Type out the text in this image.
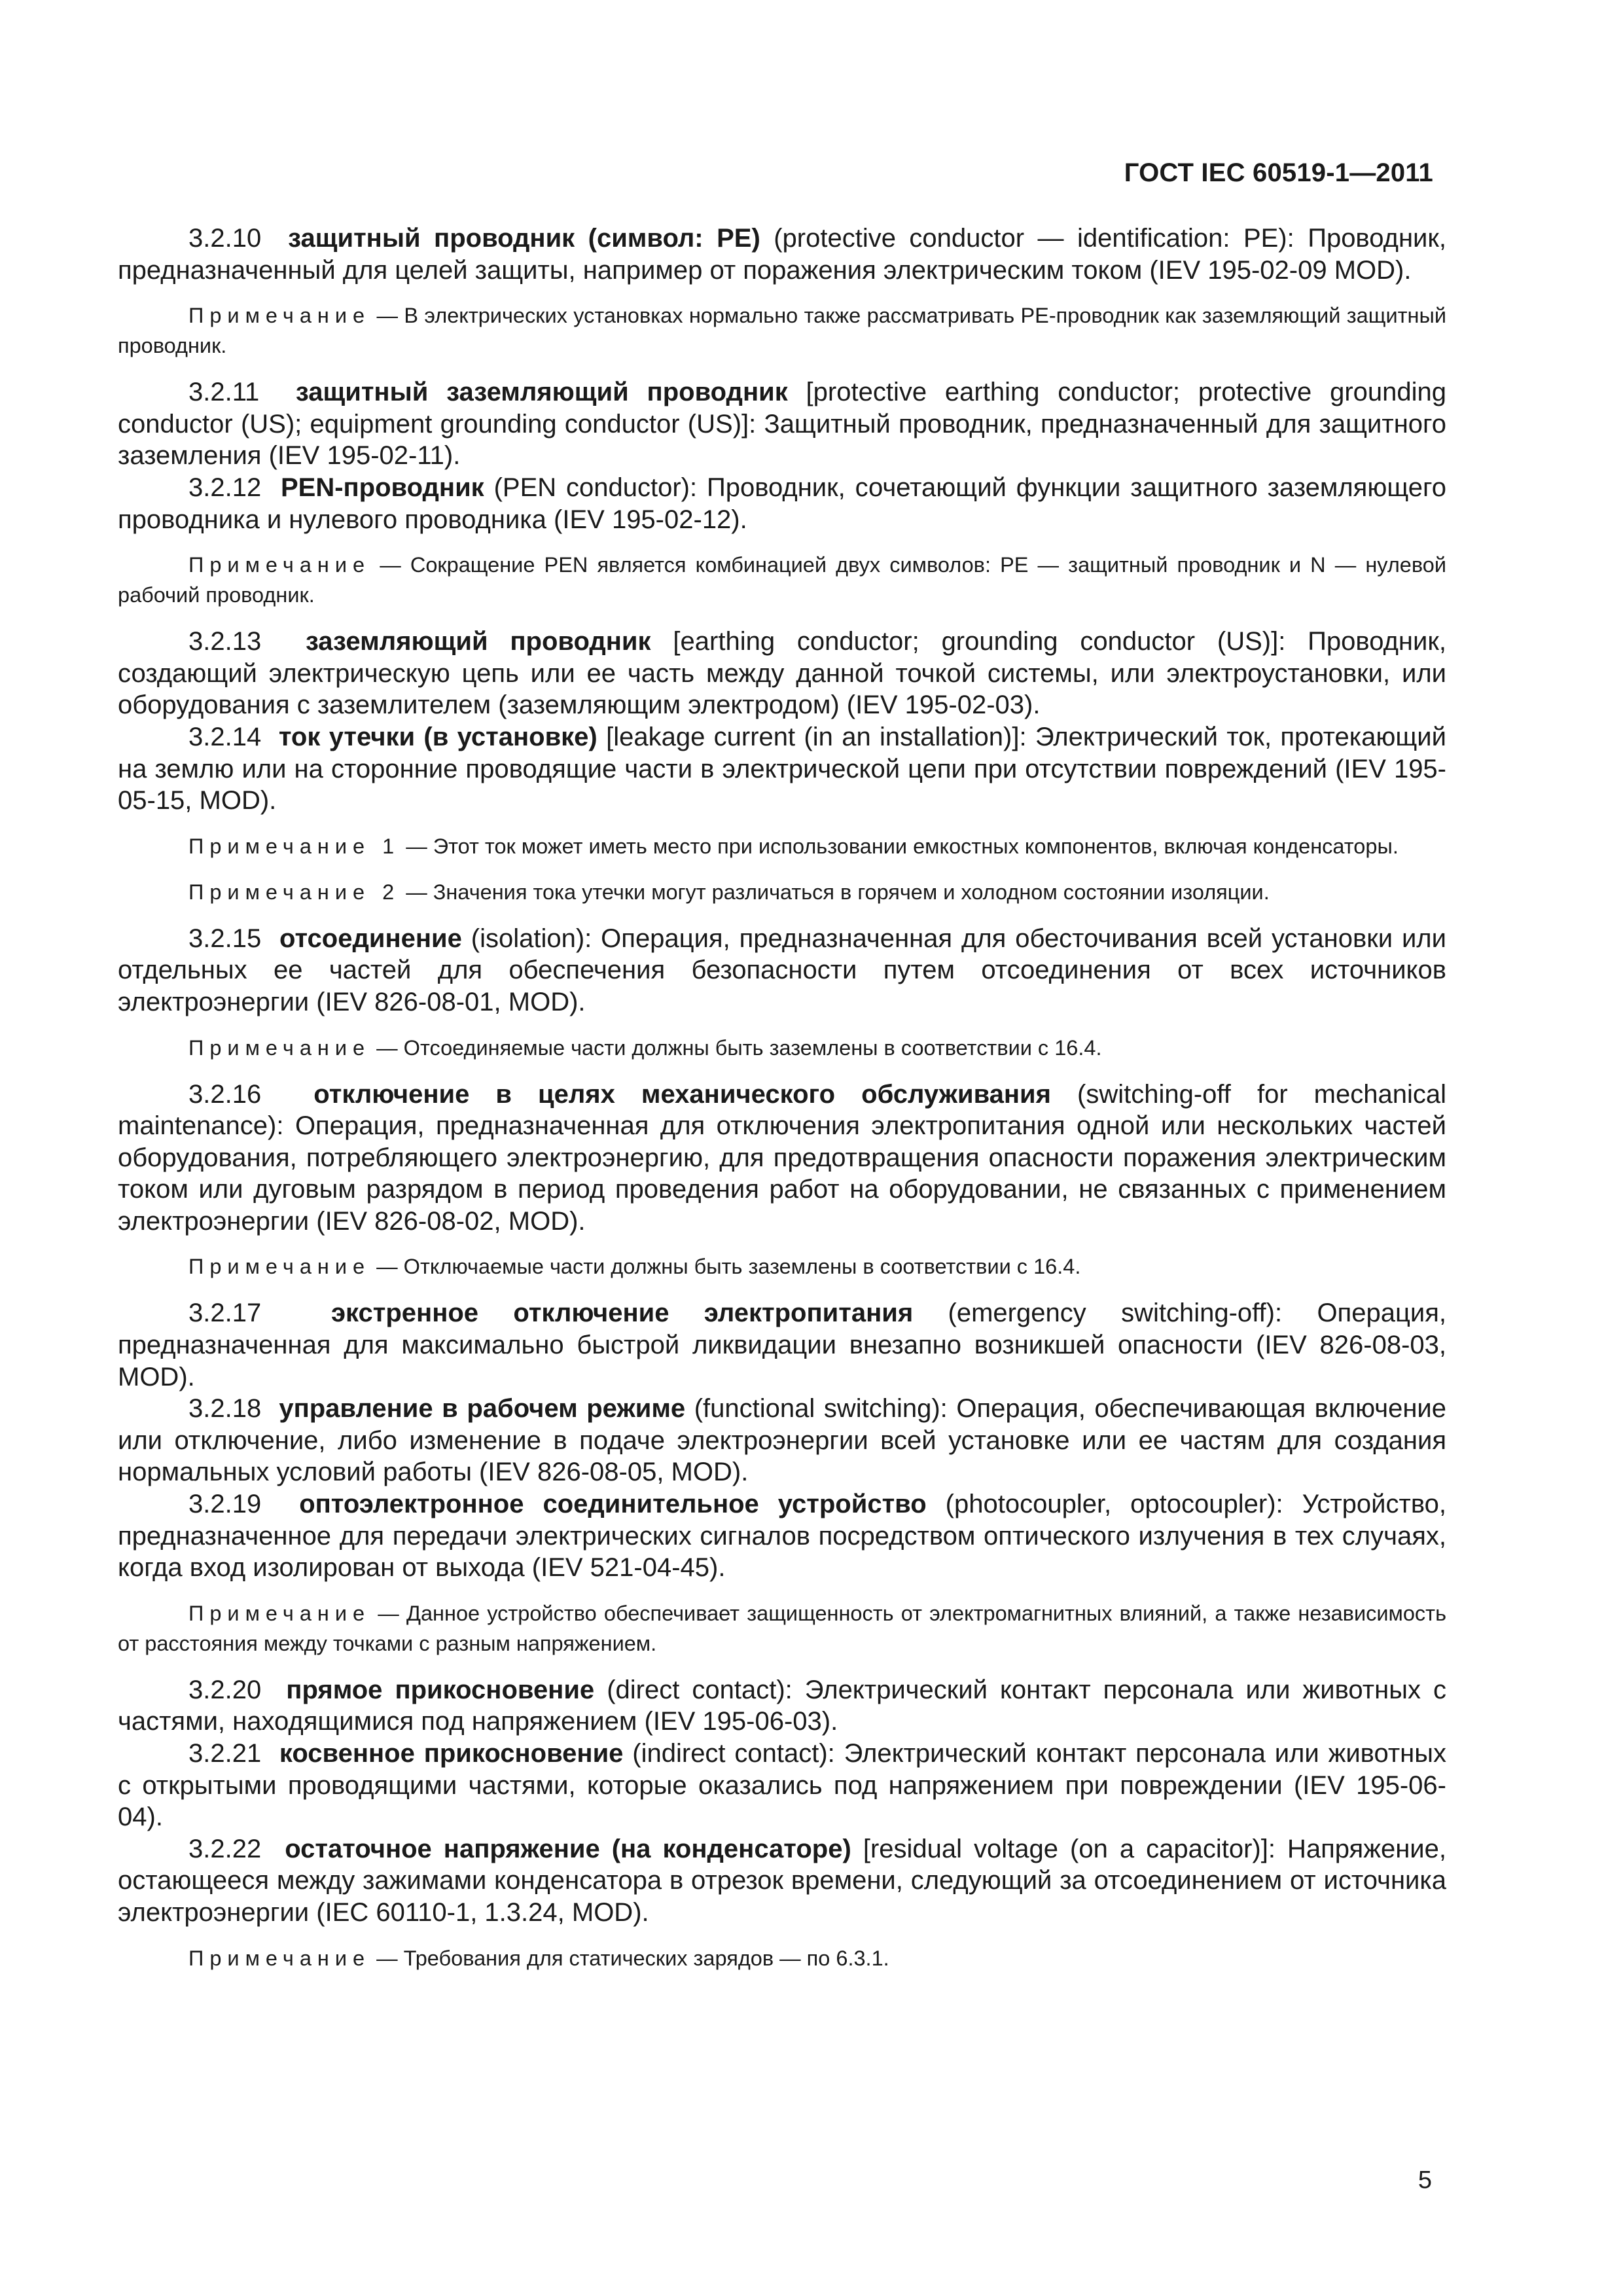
ГОСТ IEC 60519-1—2011

3.2.10 защитный проводник (символ: PE) (protective conductor — identification: PE): Проводник, предназначенный для целей защиты, например от поражения электрическим током (IEV 195-02-09 MOD).

Примечание — В электрических установках нормально также рассматривать PE-проводник как заземляющий защитный проводник.

3.2.11 защитный заземляющий проводник [protective earthing conductor; protective grounding conductor (US); equipment grounding conductor (US)]: Защитный проводник, предназначенный для защитного заземления (IEV 195-02-11).

3.2.12 PEN-проводник (PEN conductor): Проводник, сочетающий функции защитного заземляющего проводника и нулевого проводника (IEV 195-02-12).

Примечание — Сокращение PEN является комбинацией двух символов: PE — защитный проводник и N — нулевой рабочий проводник.

3.2.13 заземляющий проводник [earthing conductor; grounding conductor (US)]: Проводник, создающий электрическую цепь или ее часть между данной точкой системы, или электроустановки, или оборудования с заземлителем (заземляющим электродом) (IEV 195-02-03).

3.2.14 ток утечки (в установке) [leakage current (in an installation)]: Электрический ток, протекающий на землю или на сторонние проводящие части в электрической цепи при отсутствии повреждений (IEV 195-05-15, MOD).

Примечание 1 — Этот ток может иметь место при использовании емкостных компонентов, включая конденсаторы.

Примечание 2 — Значения тока утечки могут различаться в горячем и холодном состоянии изоляции.

3.2.15 отсоединение (isolation): Операция, предназначенная для обесточивания всей установки или отдельных ее частей для обеспечения безопасности путем отсоединения от всех источников электроэнергии (IEV 826-08-01, MOD).

Примечание — Отсоединяемые части должны быть заземлены в соответствии с 16.4.

3.2.16 отключение в целях механического обслуживания (switching-off for mechanical maintenance): Операция, предназначенная для отключения электропитания одной или нескольких частей оборудования, потребляющего электроэнергию, для предотвращения опасности поражения электрическим током или дуговым разрядом в период проведения работ на оборудовании, не связанных с применением электроэнергии (IEV 826-08-02, MOD).

Примечание — Отключаемые части должны быть заземлены в соответствии с 16.4.

3.2.17	экстренное отключение электропитания (emergency switching-off): Операция, предназначенная для максимально быстрой ликвидации внезапно возникшей опасности (IEV 826-08-03, MOD).

3.2.18 управление в рабочем режиме (functional switching): Операция, обеспечивающая включение или отключение, либо изменение в подаче электроэнергии всей установке или ее частям для создания нормальных условий работы (IEV 826-08-05, MOD).

3.2.19 оптоэлектронное соединительное устройство (photocoupler, optocoupler): Устройство, предназначенное для передачи электрических сигналов посредством оптического излучения в тех случаях, когда вход изолирован от выхода (IEV 521-04-45).

Примечание — Данное устройство обеспечивает защищенность от электромагнитных влияний, а также независимость от расстояния между точками с разным напряжением.

3.2.20 прямое прикосновение (direct contact): Электрический контакт персонала или животных с частями, находящимися под напряжением (IEV 195-06-03).

3.2.21 косвенное прикосновение (indirect contact): Электрический контакт персонала или животных с открытыми проводящими частями, которые оказались под напряжением при повреждении (IEV 195-06-04).

3.2.22 остаточное напряжение (на конденсаторе) [residual voltage (on a capacitor)]: Напряжение, остающееся между зажимами конденсатора в отрезок времени, следующий за отсоединением от источника электроэнергии (IEC 60110-1, 1.3.24, MOD).

Примечание — Требования для статических зарядов — по 6.3.1.

5
